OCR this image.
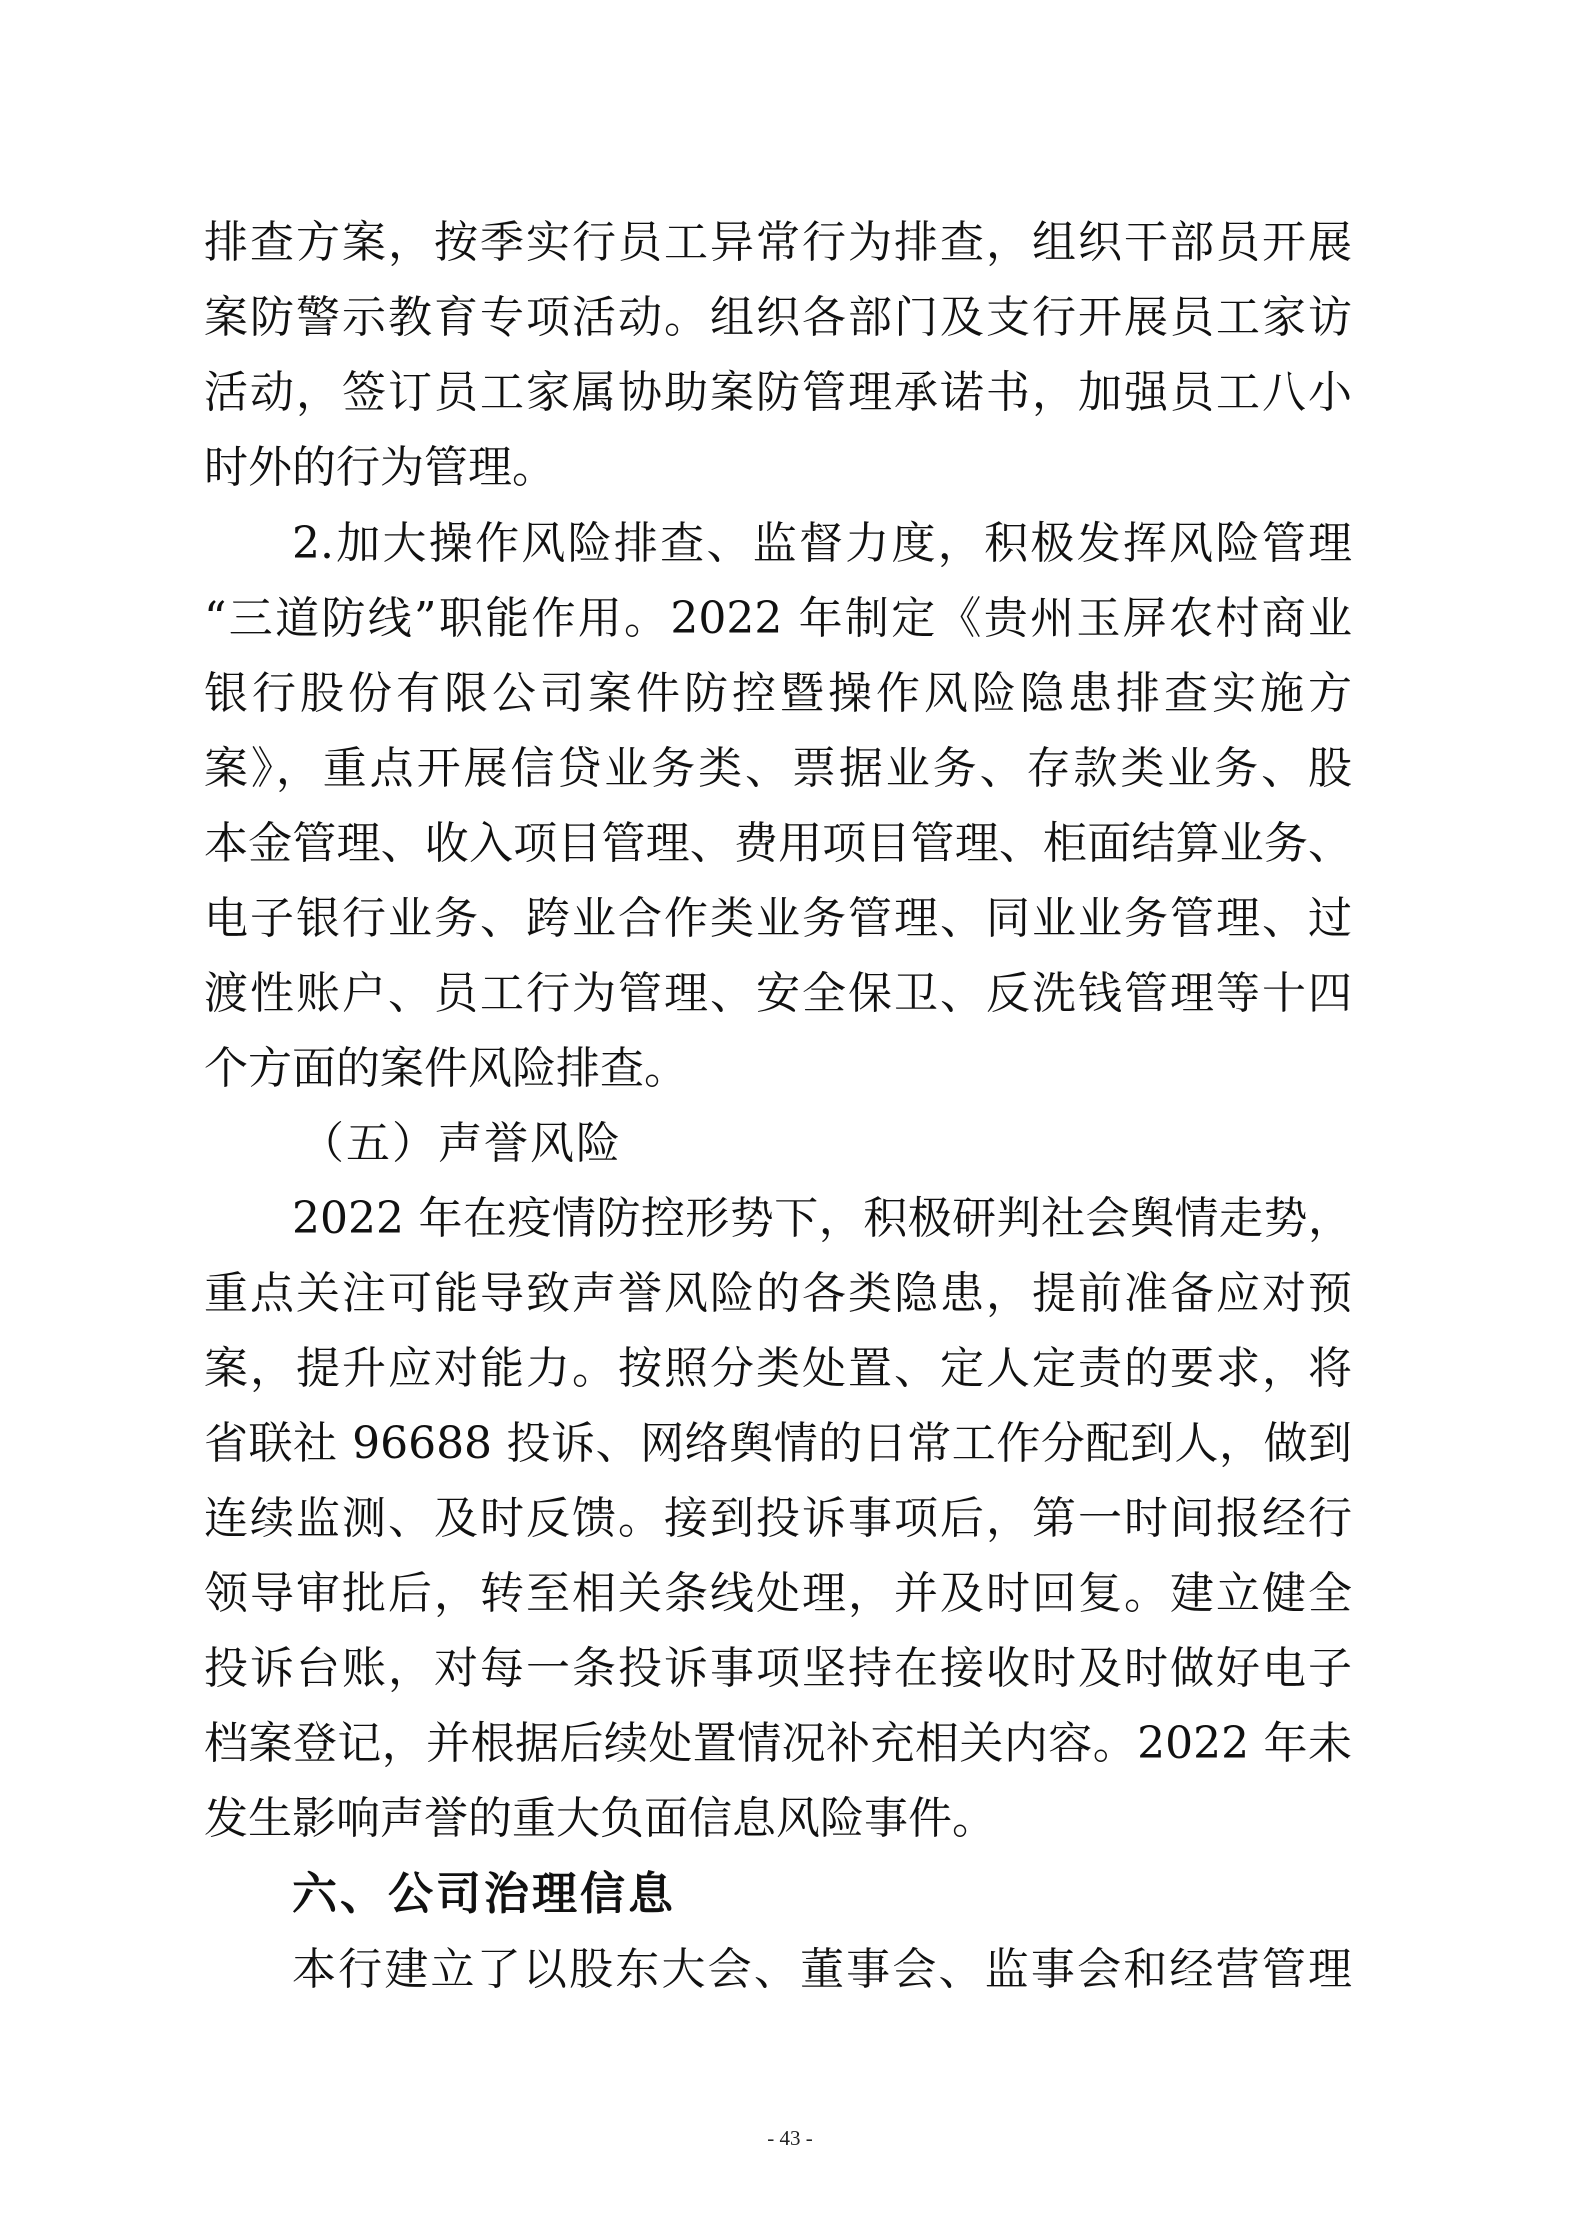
排查方案，按季实行员工异常行为排查，组织干部员开展
案防警示教育专项活动。组织各部门及支行开展员工家访
活动，签订员工家属协助案防管理承诺书，加强员工八小
时外的行为管理。
2.加大操作风险排查、监督力度，积极发挥风险管理
“三道防线”职能作用。2022 年制定《贵州玉屏农村商业
银行股份有限公司案件防控暨操作风险隐患排查实施方
案》，重点开展信贷业务类、票据业务、存款类业务、股
本金管理、收入项目管理、费用项目管理、柜面结算业务、
电子银行业务、跨业合作类业务管理、同业业务管理、过
渡性账户、员工行为管理、安全保卫、反洗钱管理等十四
个方面的案件风险排查。
（五）声誉风险
2022 年在疫情防控形势下，积极研判社会舆情走势，
重点关注可能导致声誉风险的各类隐患，提前准备应对预
案，提升应对能力。按照分类处置、定人定责的要求，将
省联社 96688 投诉、网络舆情的日常工作分配到人，做到
连续监测、及时反馈。接到投诉事项后，第一时间报经行
领导审批后，转至相关条线处理，并及时回复。建立健全
投诉台账，对每一条投诉事项坚持在接收时及时做好电子
档案登记，并根据后续处置情况补充相关内容。2022 年未
发生影响声誉的重大负面信息风险事件。
六、公司治理信息
本行建立了以股东大会、董事会、监事会和经营管理
- 43 -
